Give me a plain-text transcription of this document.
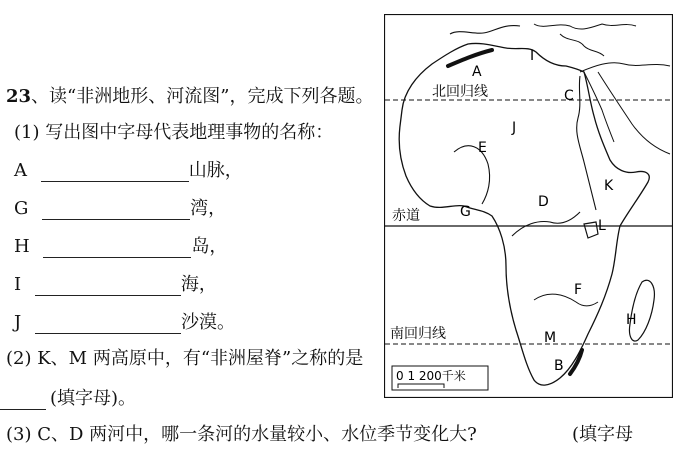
23、读“非洲地形、河流图”，完成下列各题。
(1) 写出图中字母代表地理事物的名称：
A	山脉，
G	湾，
H	岛，
I	海，
J	沙漠。
(2) K、M 两高原中，有“非洲屋脊”之称的是
(填字母)。
(3) C、D 两河中，哪一条河的水量较小、水位季节变化大?	(填字母
北回归线
赤道
南回归线
A
B
C
D
E
F
G
H
I
J
K
L
M
0 1 200千米
